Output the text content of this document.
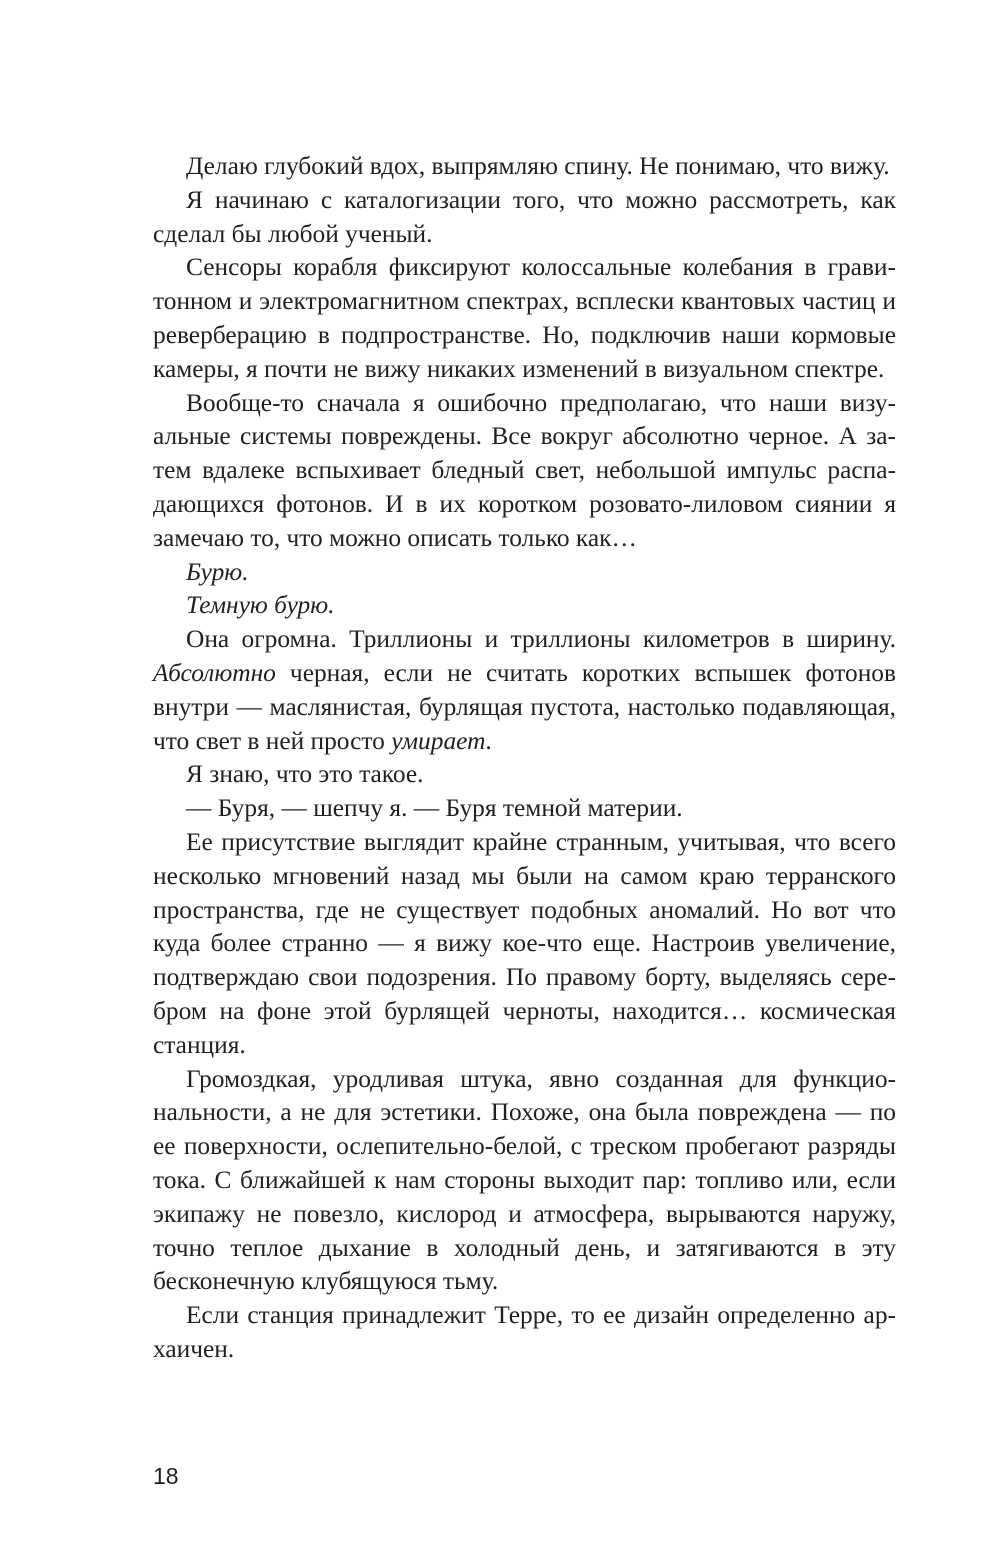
Делаю глубокий вдох, выпрямляю спину. Не понимаю, что вижу.

Я начинаю с каталогизации того, что можно рассмотреть, как сделал бы любой ученый.

Сенсоры корабля фиксируют колоссальные колебания в гравитонном и электромагнитном спектрах, всплески квантовых частиц и реверберацию в подпространстве. Но, подключив наши кормовые камеры, я почти не вижу никаких изменений в визуальном спектре.

Вообще-то сначала я ошибочно предполагаю, что наши визуальные системы повреждены. Все вокруг абсолютно черное. А затем вдалеке вспыхивает бледный свет, небольшой импульс распадающихся фотонов. И в их коротком розовато-лиловом сиянии я замечаю то, что можно описать только как…

Бурю.

Темную бурю.

Она огромна. Триллионы и триллионы километров в ширину. Абсолютно черная, если не считать коротких вспышек фотонов внутри — маслянистая, бурлящая пустота, настолько подавляющая, что свет в ней просто умирает.

Я знаю, что это такое.

— Буря, — шепчу я. — Буря темной материи.

Ее присутствие выглядит крайне странным, учитывая, что всего несколько мгновений назад мы были на самом краю терранского пространства, где не существует подобных аномалий. Но вот что куда более странно — я вижу кое-что еще. Настроив увеличение, подтверждаю свои подозрения. По правому борту, выделяясь серебром на фоне этой бурлящей черноты, находится… космическая станция.

Громоздкая, уродливая штука, явно созданная для функциональности, а не для эстетики. Похоже, она была повреждена — по ее поверхности, ослепительно-белой, с треском пробегают разряды тока. С ближайшей к нам стороны выходит пар: топливо или, если экипажу не повезло, кислород и атмосфера, вырываются наружу, точно теплое дыхание в холодный день, и затягиваются в эту бесконечную клубящуюся тьму.

Если станция принадлежит Терре, то ее дизайн определенно архаичен.

18
